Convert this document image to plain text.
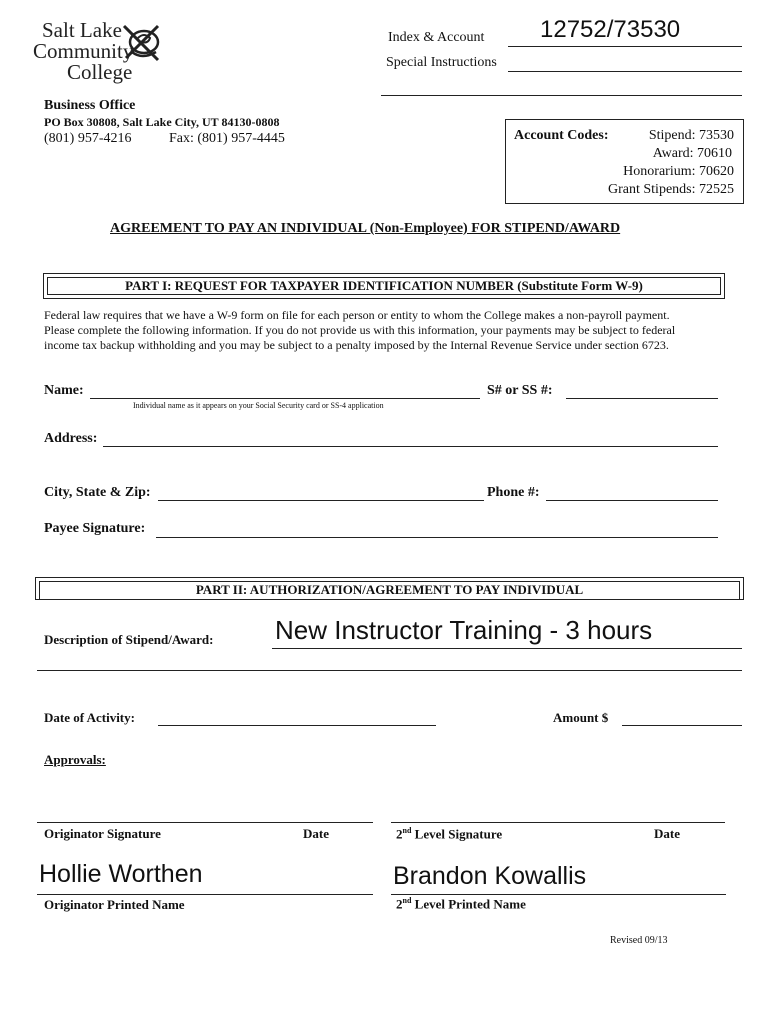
Salt Lake
Community
College
Business Office
PO Box 30808, Salt Lake City, UT 84130-0808
(801) 957-4216	Fax: (801) 957-4445
Index & Account 12752/73530
Special Instructions
Account Codes:	Stipend: 73530
Award: 70610
Honorarium: 70620
Grant Stipends: 72525
AGREEMENT TO PAY AN INDIVIDUAL (Non-Employee) FOR STIPEND/AWARD
PART I: REQUEST FOR TAXPAYER IDENTIFICATION NUMBER (Substitute Form W-9)
Federal law requires that we have a W-9 form on file for each person or entity to whom the College makes a non-payroll payment.
Please complete the following information. If you do not provide us with this information, your payments may be subject to federal
income tax backup withholding and you may be subject to a penalty imposed by the Internal Revenue Service under section 6723.
Name:
Individual name as it appears on your Social Security card or SS-4 application
S# or SS #:
Address:
City, State & Zip:	Phone #:
Payee Signature:
PART II: AUTHORIZATION/AGREEMENT TO PAY INDIVIDUAL
Description of Stipend/Award: New Instructor Training - 3 hours
Date of Activity:	Amount $
Approvals:
Originator Signature	Date	2nd Level Signature	Date
Hollie Worthen	Brandon Kowallis
Originator Printed Name	2nd Level Printed Name
Revised 09/13
